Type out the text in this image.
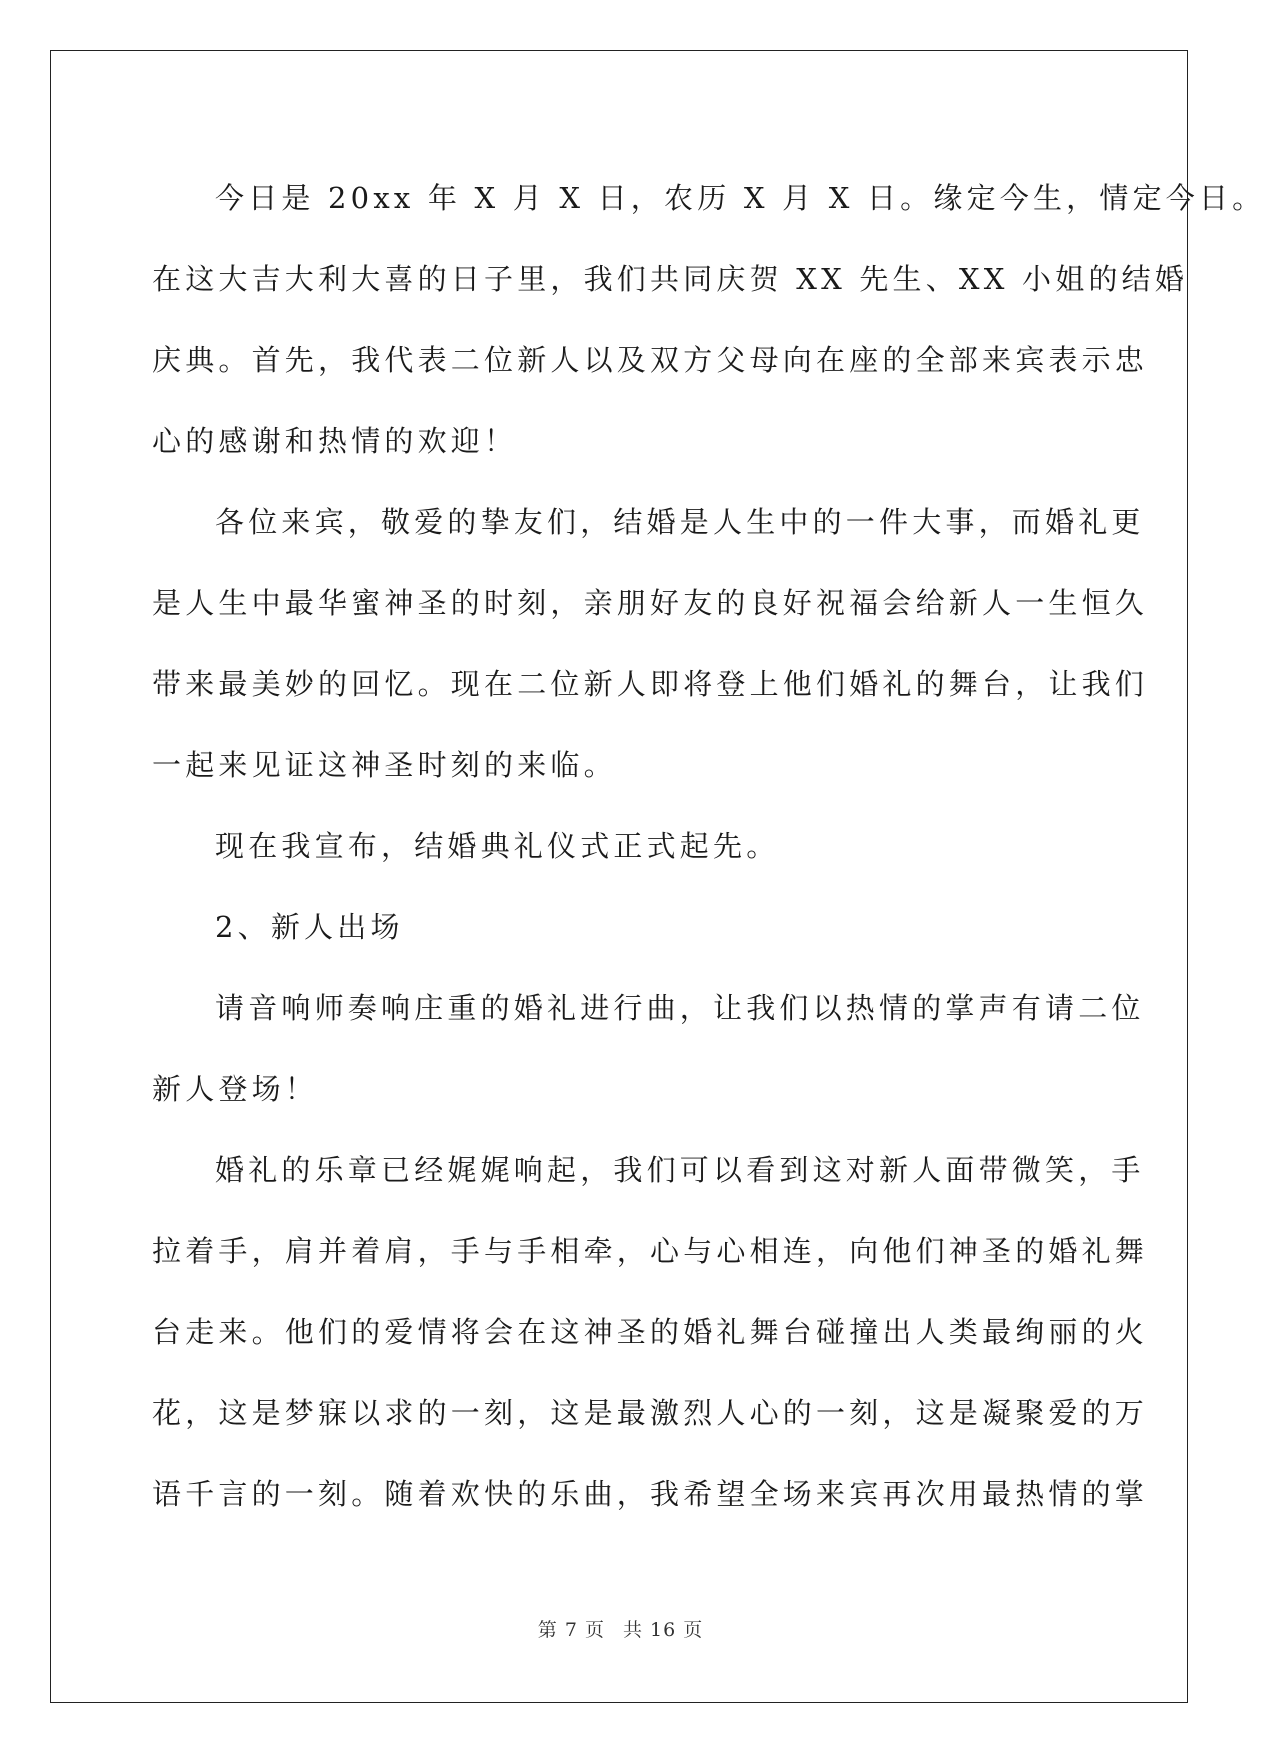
今日是 20xx 年 X 月 X 日，农历 X 月 X 日。缘定今生，情定今日。
在这大吉大利大喜的日子里，我们共同庆贺 XX 先生、XX 小姐的结婚
庆典。首先，我代表二位新人以及双方父母向在座的全部来宾表示忠
心的感谢和热情的欢迎！
各位来宾，敬爱的挚友们，结婚是人生中的一件大事，而婚礼更
是人生中最华蜜神圣的时刻，亲朋好友的良好祝福会给新人一生恒久
带来最美妙的回忆。现在二位新人即将登上他们婚礼的舞台，让我们
一起来见证这神圣时刻的来临。
现在我宣布，结婚典礼仪式正式起先。
2、新人出场
请音响师奏响庄重的婚礼进行曲，让我们以热情的掌声有请二位
新人登场！
婚礼的乐章已经娓娓响起，我们可以看到这对新人面带微笑，手
拉着手，肩并着肩，手与手相牵，心与心相连，向他们神圣的婚礼舞
台走来。他们的爱情将会在这神圣的婚礼舞台碰撞出人类最绚丽的火
花，这是梦寐以求的一刻，这是最激烈人心的一刻，这是凝聚爱的万
语千言的一刻。随着欢快的乐曲，我希望全场来宾再次用最热情的掌
第 7 页 共 16 页
